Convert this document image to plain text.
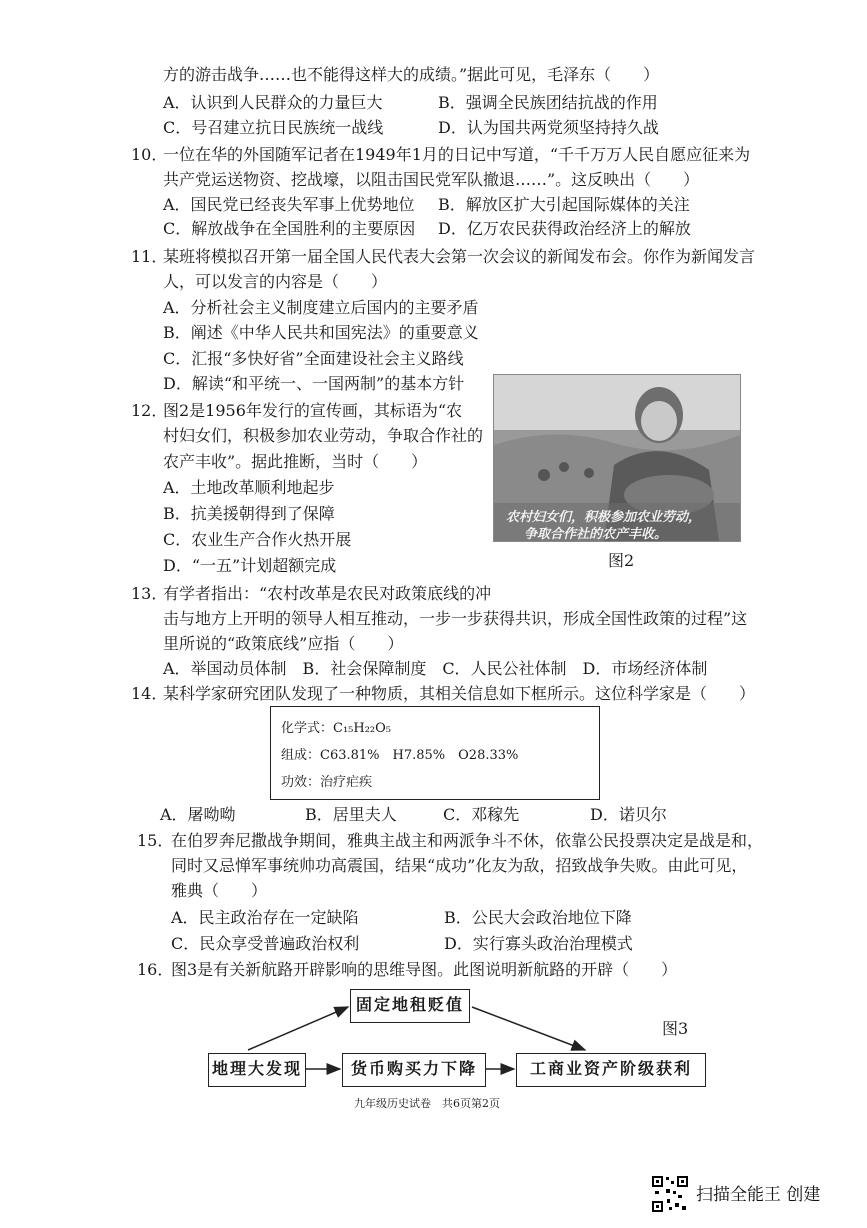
方的游击战争……也不能得这样大的成绩。”据此可见，毛泽东（　　）
A．认识到人民群众的力量巨大	B．强调全民族团结抗战的作用
C．号召建立抗日民族统一战线	D．认为国共两党须坚持持久战
10．
一位在华的外国随军记者在1949年1月的日记中写道，“千千万万人民自愿应征来为
共产党运送物资、挖战壕，以阻击国民党军队撤退……”。这反映出（　　）
A．国民党已经丧失军事上优势地位 B．解放区扩大引起国际媒体的关注
C．解放战争在全国胜利的主要原因 D．亿万农民获得政治经济上的解放
11．
某班将模拟召开第一届全国人民代表大会第一次会议的新闻发布会。你作为新闻发言
人，可以发言的内容是（　　）
A．分析社会主义制度建立后国内的主要矛盾
B．阐述《中华人民共和国宪法》的重要意义
C．汇报“多快好省”全面建设社会主义路线
D．解读“和平统一、一国两制”的基本方针
12．
图2是1956年发行的宣传画，其标语为“农
村妇女们，积极参加农业劳动，争取合作社的
农产丰收”。据此推断，当时（　　）
A．土地改革顺利地起步
B．抗美援朝得到了保障
C．农业生产合作火热开展
D．“一五”计划超额完成
农村妇女们，积极参加农业劳动，
争取合作社的农产丰收。
图2
13．
有学者指出：“农村改革是农民对政策底线的冲
击与地方上开明的领导人相互推动，一步一步获得共识，形成全国性政策的过程”这
里所说的“政策底线”应指（　　）
A．举国动员体制　B．社会保障制度　C．人民公社体制　D．市场经济体制
14．
某科学家研究团队发现了一种物质，其相关信息如下框所示。这位科学家是（　　）
化学式：C₁₅H₂₂O₅
组成：C63.81%　H7.85%　O28.33%
功效：治疗疟疾
A．屠呦呦	B．居里夫人	C．邓稼先	D．诺贝尔
15．
在伯罗奔尼撒战争期间，雅典主战主和两派争斗不休，依靠公民投票决定是战是和，
同时又忌惮军事统帅功高震国，结果“成功”化友为敌，招致战争失败。由此可见，
雅典（　　）
A．民主政治存在一定缺陷	B．公民大会政治地位下降
C．民众享受普遍政治权利	D．实行寡头政治治理模式
16．
图3是有关新航路开辟影响的思维导图。此图说明新航路的开辟（　　）
固定地租贬值
地理大发现	货币购买力下降	工商业资产阶级获利
图3
九年级历史试卷　共6页第2页
扫描全能王 创建
